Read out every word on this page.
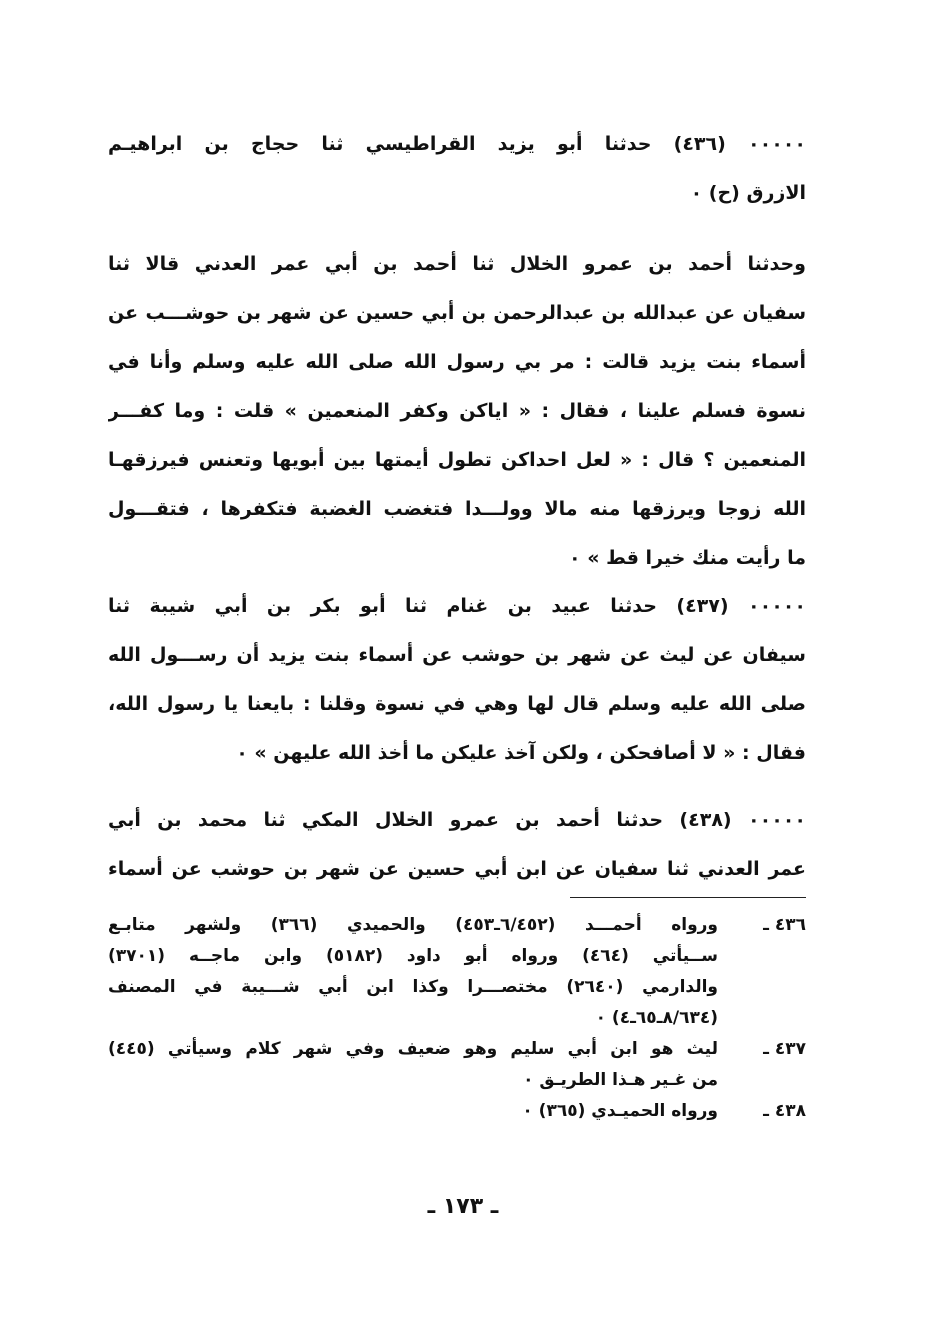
٠٠٠٠٠ (٤٣٦) حدثنا أبو يزيد القراطيسي ثنا حجاج بن ابراهيـم
الازرق (ح) ٠
وحدثنا أحمد بن عمرو الخلال ثنا أحمد بن أبي عمر العدني قالا ثنا
سفيان عن عبدالله بن عبدالرحمن بن أبي حسين عن شهر بن حوشـــب عن
أسماء بنت يزيد قالت : مر بي رسول الله صلى الله عليه وسلم وأنا في
نسوة فسلم علينا ، فقال : « اياكن وكفر المنعمين » قلت : وما كفـــر
المنعمين ؟ قال : « لعل احداكن تطول أيمتها بين أبويها وتعنس فيرزقهـا
الله زوجا ويرزقها منه مالا وولـــدا فتغضب الغضبة فتكفرها ، فتقـــول
ما رأيت منك خيرا قط » ٠
٠٠٠٠٠ (٤٣٧) حدثنا عبيد بن غنام ثنا أبو بكر بن أبي شيبة ثنا
سيفان عن ليث عن شهر بن حوشب عن أسماء بنت يزيد أن رســـول الله
صلى الله عليه وسلم قال لها وهي في نسوة وقلنا : بايعنا يا رسول الله،
فقال : « لا أصافحكن ، ولكن آخذ عليكن ما أخذ الله عليهن » ٠
٠٠٠٠٠ (٤٣٨) حدثنا أحمد بن عمرو الخلال المكي ثنا محمد بن أبي
عمر العدني ثنا سفيان عن ابن أبي حسين عن شهر بن حوشب عن أسماء
٤٣٦ ـ
ورواه أحمـــد (٦/٤٥٢ـ٤٥٣) والحميدي (٣٦٦) ولشهر متابـع
ســيأتي (٤٦٤) ورواه أبو داود (٥١٨٢) وابن ماجــه (٣٧٠١)
والدارمي (٢٦٤٠) مختصـــرا وكذا ابن أبي شـــيبة في المصنف
(٨/٦٣٤ـ٦٥ـ٤) ٠
٤٣٧ ـ
ليث هو ابن أبي سليم وهو ضعيف وفي شهر كلام وسيأتي (٤٤٥)
من غـير هـذا الطريـق ٠
٤٣٨ ـ
ورواه الحميـدي (٣٦٥) ٠
ـ ١٧٣ ـ
